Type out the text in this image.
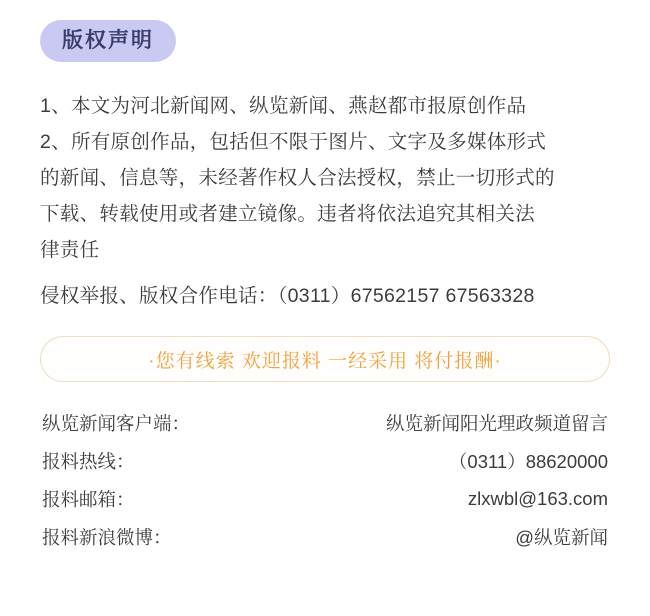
版权声明
1、本文为河北新闻网、纵览新闻、燕赵都市报原创作品
2、所有原创作品，包括但不限于图片、文字及多媒体形式
的新闻、信息等，未经著作权人合法授权，禁止一切形式的
下载、转载使用或者建立镜像。违者将依法追究其相关法
律责任
侵权举报、版权合作电话：（0311）67562157 67563328
·您有线索 欢迎报料 一经采用 将付报酬·
纵览新闻客户端：	纵览新闻阳光理政频道留言
报料热线：	（0311）88620000
报料邮箱：	zlxwbl@163.com
报料新浪微博：	@纵览新闻
